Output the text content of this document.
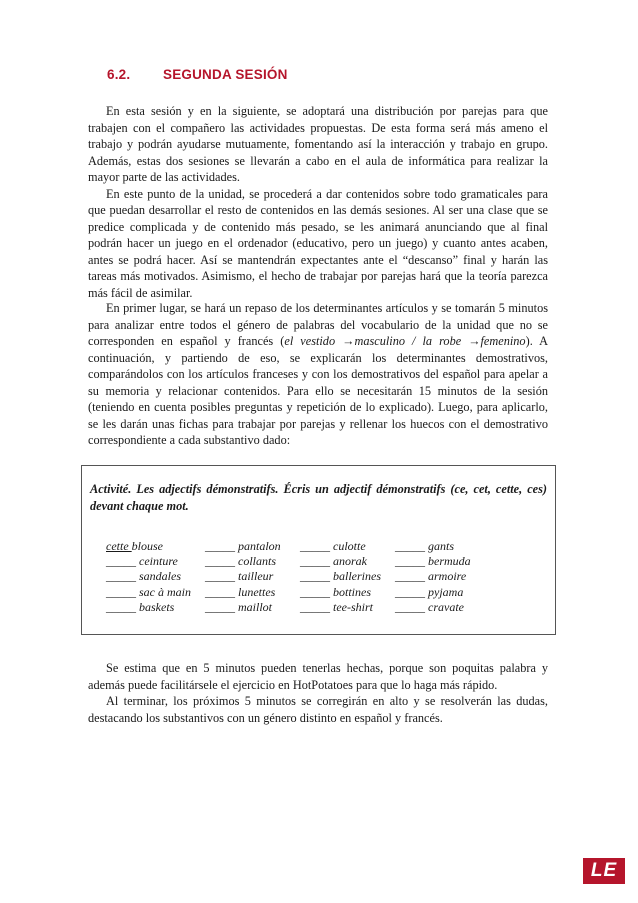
6.2. SEGUNDA SESIÓN

En esta sesión y en la siguiente, se adoptará una distribución por parejas para que trabajen con el compañero las actividades propuestas. De esta forma será más ameno el trabajo y podrán ayudarse mutuamente, fomentando así la interacción y trabajo en grupo. Además, estas dos sesiones se llevarán a cabo en el aula de informática para realizar la mayor parte de las actividades.

En este punto de la unidad, se procederá a dar contenidos sobre todo gramaticales para que puedan desarrollar el resto de contenidos en las demás sesiones. Al ser una clase que se predice complicada y de contenido más pesado, se les animará anunciando que al final podrán hacer un juego en el ordenador (educativo, pero un juego) y cuanto antes acaben, antes se podrá hacer. Así se mantendrán expectantes ante el “descanso” final y harán las tareas más motivados. Asimismo, el hecho de trabajar por parejas hará que la teoría parezca más fácil de asimilar.

En primer lugar, se hará un repaso de los determinantes artículos y se tomarán 5 minutos para analizar entre todos el género de palabras del vocabulario de la unidad que no se corresponden en español y francés (el vestido →masculino / la robe →femenino). A continuación, y partiendo de eso, se explicarán los determinantes demostrativos, comparándolos con los artículos franceses y con los demostrativos del español para apelar a su memoria y relacionar contenidos. Para ello se necesitarán 15 minutos de la sesión (teniendo en cuenta posibles preguntas y repetición de lo explicado). Luego, para aplicarlo, se les darán unas fichas para trabajar por parejas y rellenar los huecos con el demostrativo correspondiente a cada substantivo dado:

Activité. Les adjectifs démonstratifs. Écris un adjectif démonstratifs (ce, cet, cette, ces) devant chaque mot.

cette blouse	_____ pantalon	_____ culotte	_____ gants
_____ ceinture	_____ collants	_____ anorak	_____ bermuda
_____ sandales	_____ tailleur	_____ ballerines	_____ armoire
_____ sac à main	_____ lunettes	_____ bottines	_____ pyjama
_____ baskets	_____ maillot	_____ tee-shirt	_____ cravate

Se estima que en 5 minutos pueden tenerlas hechas, porque son poquitas palabra y además puede facilitársele el ejercicio en HotPotatoes para que lo haga más rápido.

Al terminar, los próximos 5 minutos se corregirán en alto y se resolverán las dudas, destacando los substantivos con un género distinto en español y francés.

LE
